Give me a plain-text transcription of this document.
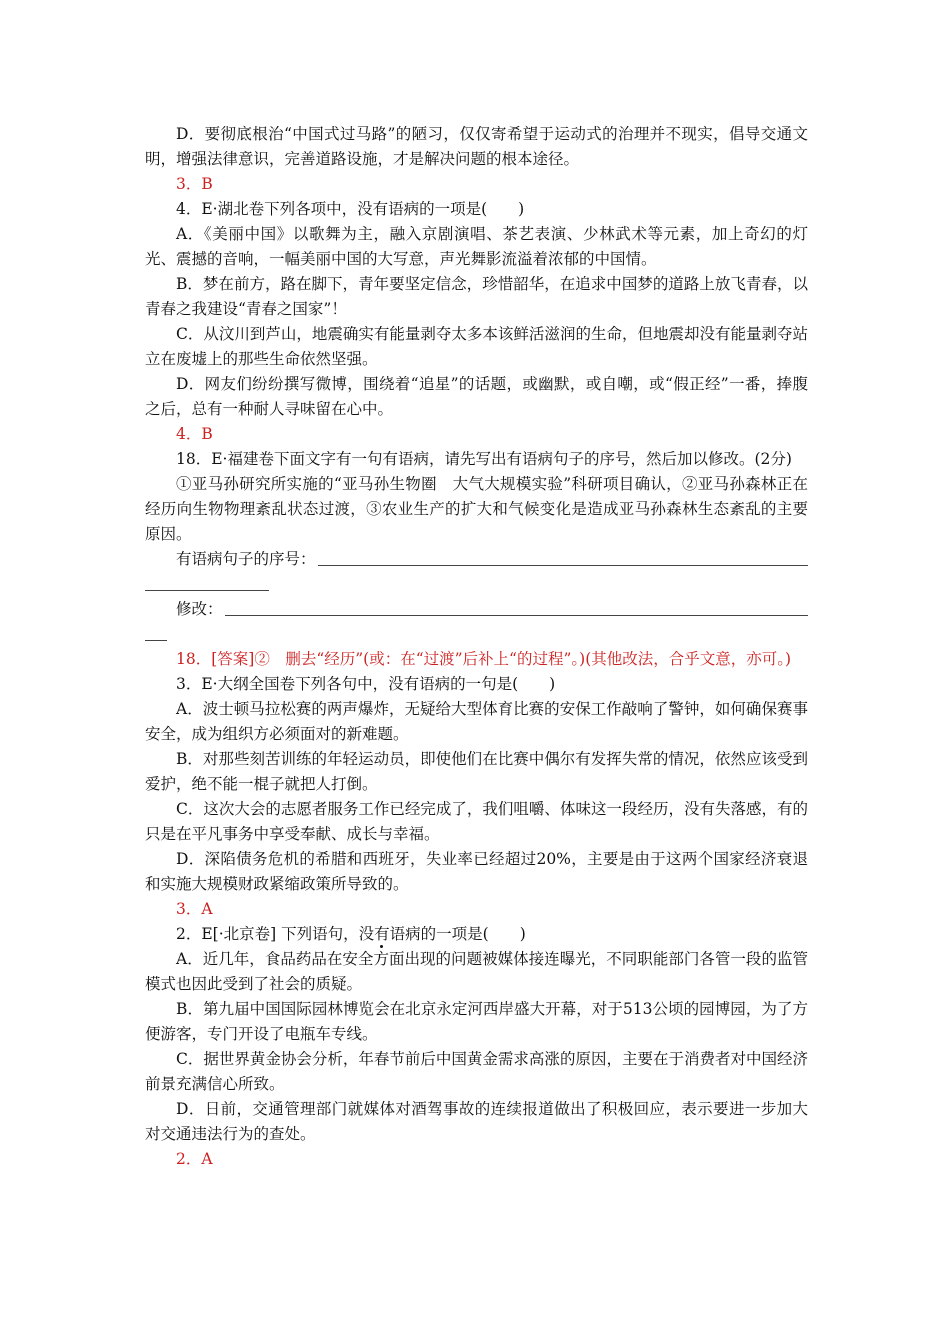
D．要彻底根治“中国式过马路”的陋习，仅仅寄希望于运动式的治理并不现实，倡导交通文明，增强法律意识，完善道路设施，才是解决问题的根本途径。

3．B

4．E·湖北卷下列各项中，没有语病的一项是(　　)

A．《美丽中国》以歌舞为主，融入京剧演唱、茶艺表演、少林武术等元素，加上奇幻的灯光、震撼的音响，一幅美丽中国的大写意，声光舞影流溢着浓郁的中国情。

B．梦在前方，路在脚下，青年要坚定信念，珍惜韶华，在追求中国梦的道路上放飞青春，以青春之我建设“青春之国家”！

C．从汶川到芦山，地震确实有能量剥夺太多本该鲜活滋润的生命，但地震却没有能量剥夺站立在废墟上的那些生命依然坚强。

D．网友们纷纷撰写微博，围绕着“追星”的话题，或幽默，或自嘲，或“假正经”一番，捧腹之后，总有一种耐人寻味留在心中。

4．B

18．E·福建卷下面文字有一句有语病，请先写出有语病句子的序号，然后加以修改。(2分)

①亚马孙研究所实施的“亚马孙生物圈　大气大规模实验”科研项目确认，②亚马孙森林正在经历向生物物理紊乱状态过渡，③农业生产的扩大和气候变化是造成亚马孙森林生态紊乱的主要原因。

有语病句子的序号：
修改：

18．[答案]②　删去“经历”(或：在“过渡”后补上“的过程”。)(其他改法，合乎文意，亦可。)

3．E·大纲全国卷下列各句中，没有语病的一句是(　　)

A．波士顿马拉松赛的两声爆炸，无疑给大型体育比赛的安保工作敲响了警钟，如何确保赛事安全，成为组织方必须面对的新难题。

B．对那些刻苦训练的年轻运动员，即使他们在比赛中偶尔有发挥失常的情况，依然应该受到爱护，绝不能一棍子就把人打倒。

C．这次大会的志愿者服务工作已经完成了，我们咀嚼、体味这一段经历，没有失落感，有的只是在平凡事务中享受奉献、成长与幸福。

D．深陷债务危机的希腊和西班牙，失业率已经超过20%，主要是由于这两个国家经济衰退和实施大规模财政紧缩政策所导致的。

3．A

2．E[·北京卷] 下列语句，没有语病的一项是(　　)

A．近几年，食品药品在安全方面出现的问题被媒体接连曝光，不同职能部门各管一段的监管模式也因此受到了社会的质疑。

B．第九届中国国际园林博览会在北京永定河西岸盛大开幕，对于513公顷的园博园，为了方便游客，专门开设了电瓶车专线。

C．据世界黄金协会分析，年春节前后中国黄金需求高涨的原因，主要在于消费者对中国经济前景充满信心所致。

D．日前，交通管理部门就媒体对酒驾事故的连续报道做出了积极回应，表示要进一步加大对交通违法行为的查处。

2．A
